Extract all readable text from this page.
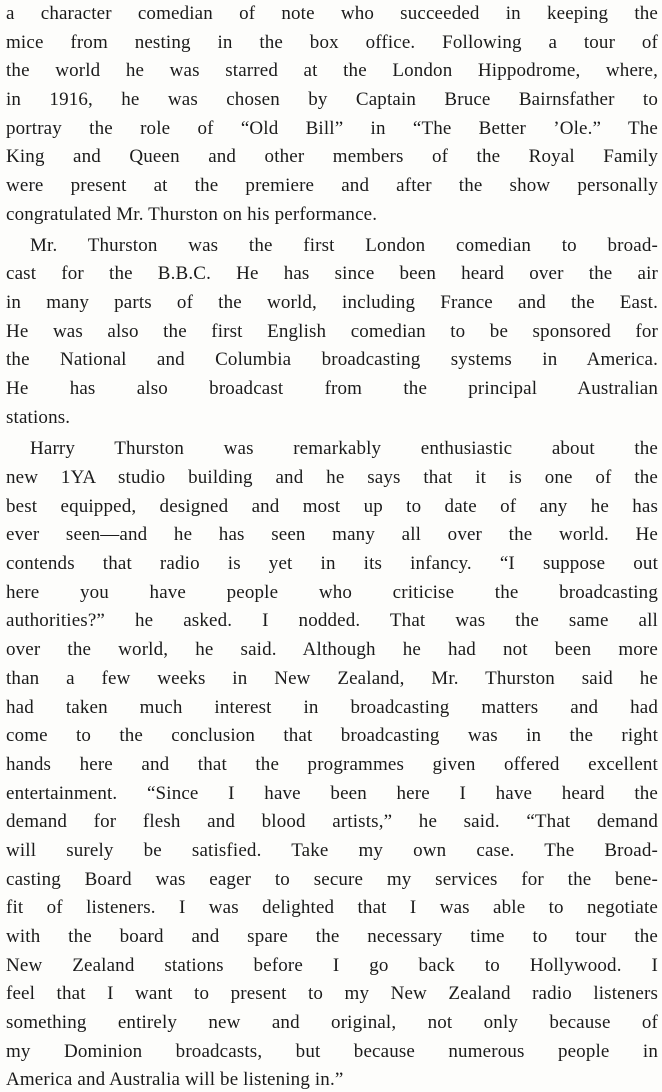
a character comedian of note who succeeded in keeping the
mice from nesting in the box office. Following a tour of
the world he was starred at the London Hippodrome, where,
in 1916, he was chosen by Captain Bruce Bairnsfather to
portray the role of “Old Bill” in “The Better ’Ole.” The
King and Queen and other members of the Royal Family
were present at the premiere and after the show personally
congratulated Mr. Thurston on his performance.
Mr. Thurston was the first London comedian to broad-
cast for the B.B.C. He has since been heard over the air
in many parts of the world, including France and the East.
He was also the first English comedian to be sponsored for
the National and Columbia broadcasting systems in America.
He has also broadcast from the principal Australian
stations.
Harry Thurston was remarkably enthusiastic about the
new 1YA studio building and he says that it is one of the
best equipped, designed and most up to date of any he has
ever seen—and he has seen many all over the world. He
contends that radio is yet in its infancy. “I suppose out
here you have people who criticise the broadcasting
authorities?” he asked. I nodded. That was the same all
over the world, he said. Although he had not been more
than a few weeks in New Zealand, Mr. Thurston said he
had taken much interest in broadcasting matters and had
come to the conclusion that broadcasting was in the right
hands here and that the programmes given offered excellent
entertainment. “Since I have been here I have heard the
demand for flesh and blood artists,” he said. “That demand
will surely be satisfied. Take my own case. The Broad-
casting Board was eager to secure my services for the bene-
fit of listeners. I was delighted that I was able to negotiate
with the board and spare the necessary time to tour the
New Zealand stations before I go back to Hollywood. I
feel that I want to present to my New Zealand radio listeners
something entirely new and original, not only because of
my Dominion broadcasts, but because numerous people in
America and Australia will be listening in.”
